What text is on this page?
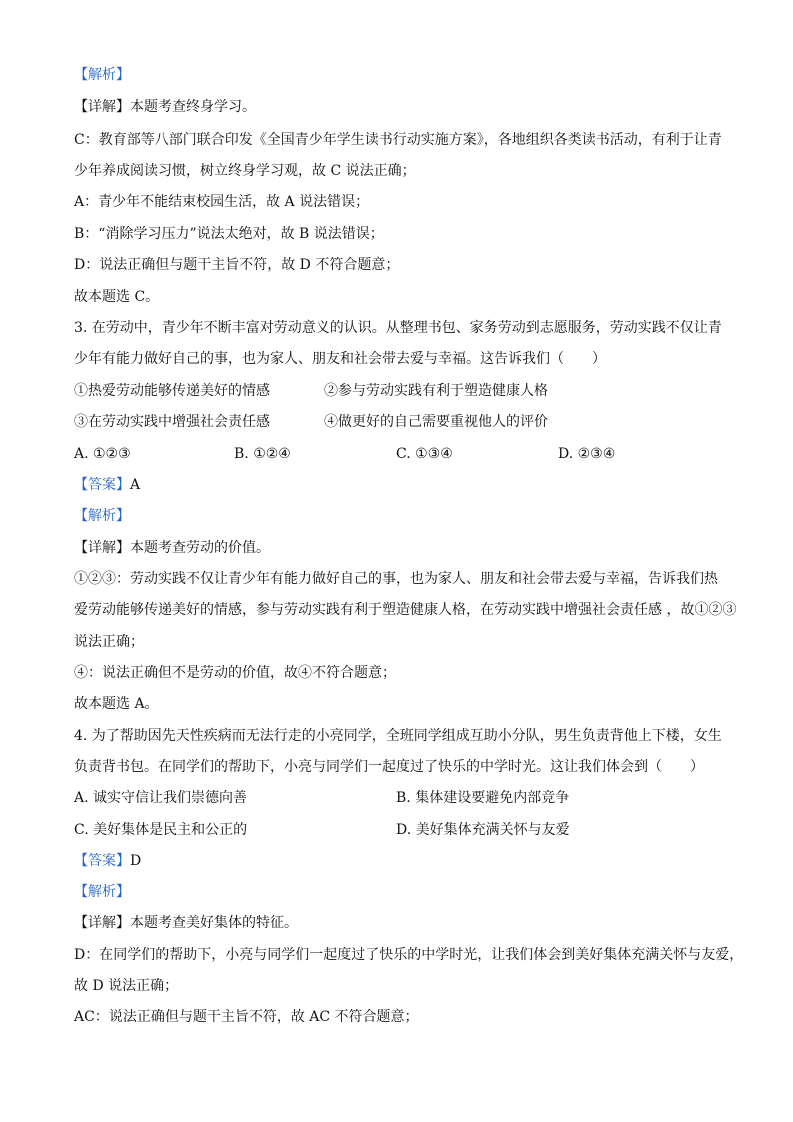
【解析】
【详解】本题考查终身学习。
C：教育部等八部门联合印发《全国青少年学生读书行动实施方案》，各地组织各类读书活动，有利于让青
少年养成阅读习惯，树立终身学习观，故 C 说法正确；
A：青少年不能结束校园生活，故 A 说法错误；
B：“消除学习压力”说法太绝对，故 B 说法错误；
D：说法正确但与题干主旨不符，故 D 不符合题意；
故本题选 C。
3. 在劳动中，青少年不断丰富对劳动意义的认识。从整理书包、家务劳动到志愿服务，劳动实践不仅让青
少年有能力做好自己的事，也为家人、朋友和社会带去爱与幸福。这告诉我们（　　）
①热爱劳动能够传递美好的情感	②参与劳动实践有利于塑造健康人格
③在劳动实践中增强社会责任感	④做更好的自己需要重视他人的评价
A. ①②③	B. ①②④	C. ①③④	D. ②③④
【答案】A
【解析】
【详解】本题考查劳动的价值。
①②③：劳动实践不仅让青少年有能力做好自己的事，也为家人、朋友和社会带去爱与幸福，告诉我们热
爱劳动能够传递美好的情感，参与劳动实践有利于塑造健康人格，在劳动实践中增强社会责任感 ，故①②③
说法正确；
④：说法正确但不是劳动的价值，故④不符合题意；
故本题选 A。
4. 为了帮助因先天性疾病而无法行走的小亮同学，全班同学组成互助小分队，男生负责背他上下楼，女生
负责背书包。在同学们的帮助下，小亮与同学们一起度过了快乐的中学时光。这让我们体会到（　　）
A. 诚实守信让我们崇德向善	B. 集体建设要避免内部竞争
C. 美好集体是民主和公正的	D. 美好集体充满关怀与友爱
【答案】D
【解析】
【详解】本题考查美好集体的特征。
D：在同学们的帮助下，小亮与同学们一起度过了快乐的中学时光，让我们体会到美好集体充满关怀与友爱，
故 D 说法正确；
AC：说法正确但与题干主旨不符，故 AC 不符合题意；
